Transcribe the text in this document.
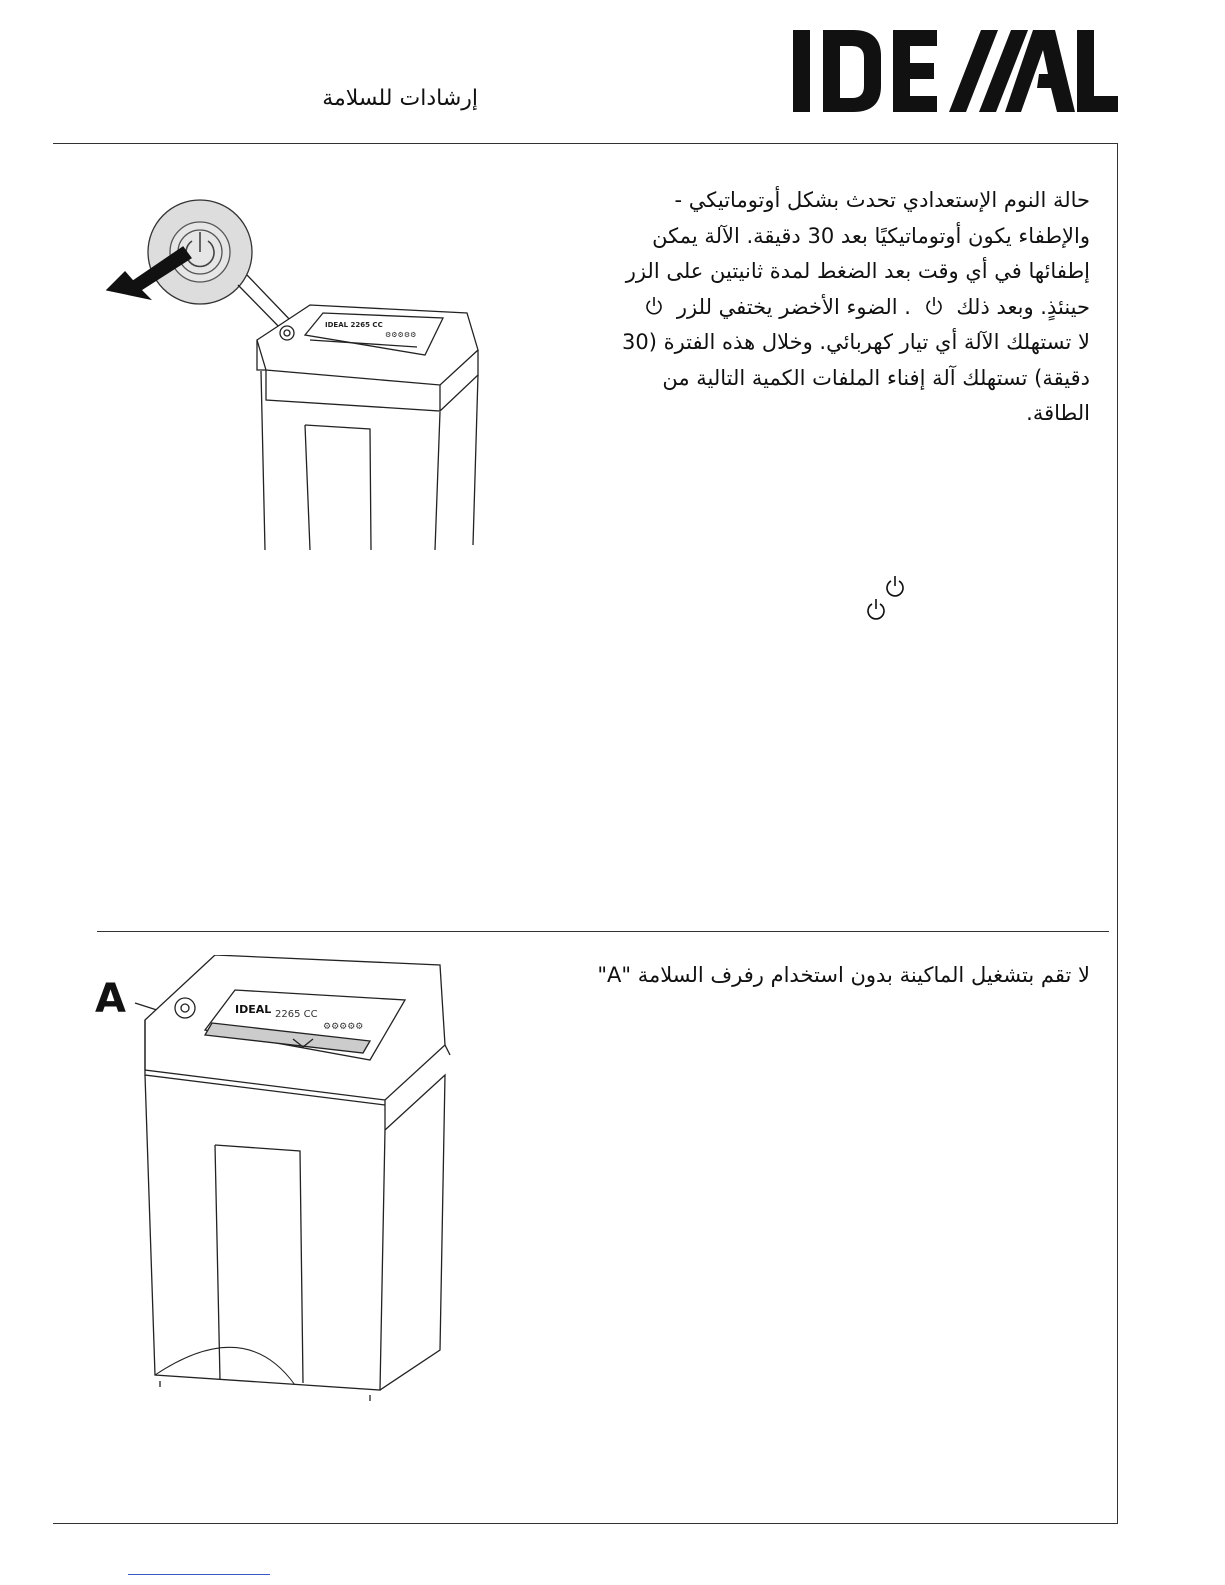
إرشادات للسلامة
IDEAL 2265 CC
⚙⚙⚙⚙⚙
حالة النوم الإستعدادي تحدث بشكل أوتوماتيكي -
والإطفاء يكون أوتوماتيكيًا بعد 30 دقيقة. الآلة يمكن
إطفائها في أي وقت بعد الضغط لمدة ثانيتين على الزر
حينئذٍ. وبعد ذلك  . الضوء الأخضر يختفي للزر
لا تستهلك الآلة أي تيار كهربائي. وخلال هذه الفترة (30
دقيقة) تستهلك آلة إفناء الملفات الكمية التالية من
الطاقة.
A	IDEAL 2265 CC
⚙⚙⚙⚙⚙
لا تقم بتشغيل الماكينة بدون استخدام رفرف السلامة "A"
